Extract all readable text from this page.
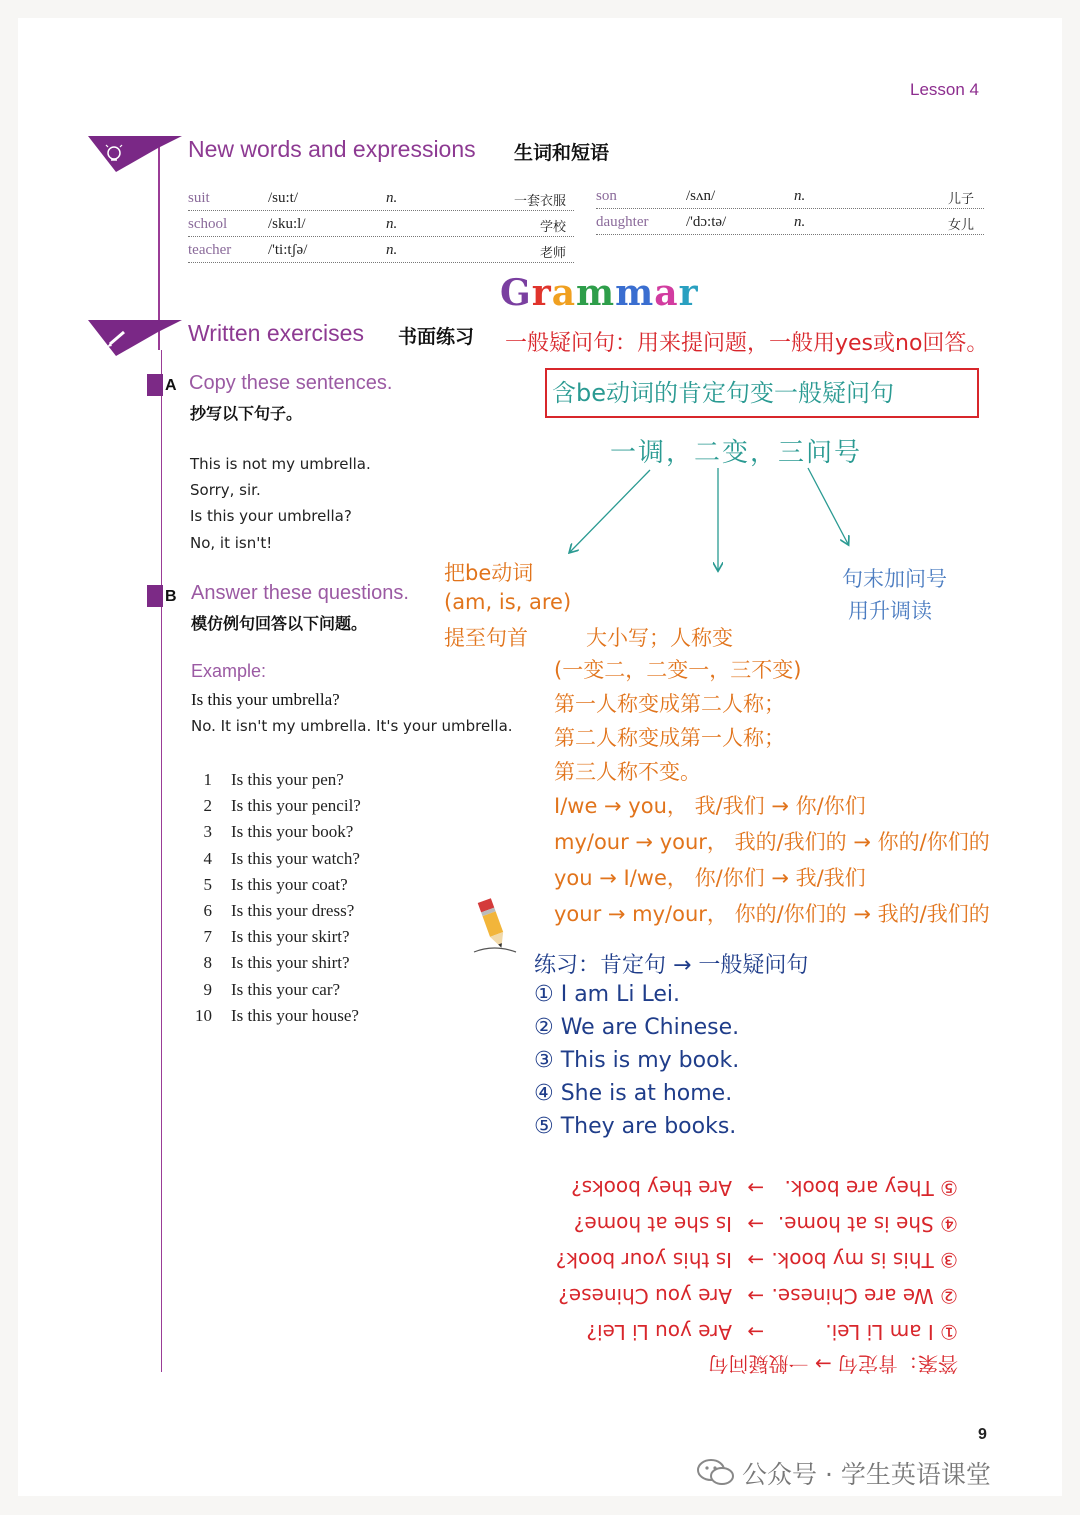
Lesson 4
New words and expressions 生词和短语
suit	/su:t/	n.	一套衣服
school	/sku:l/	n.	学校
teacher /'ti:tʃə/	n.	老师
son	/sʌn/	n.	儿子
daughter	/'dɔ:tə/	n.	女儿
Grammar
Written exercises 书面练习
A Copy these sentences.
抄写以下句子。
This is not my umbrella.
Sorry, sir.
Is this your umbrella?
No, it isn't!
B Answer these questions.
模仿例句回答以下问题。
Example:
Is this your umbrella?
No. It isn't my umbrella. It's your umbrella.
1 Is this your pen?
2 Is this your pencil?
3 Is this your book?
4 Is this your watch?
5 Is this your coat?
6 Is this your dress?
7 Is this your skirt?
8 Is this your shirt?
9 Is this your car?
10 Is this your house?
一般疑问句：用来提问题，一般用yes或no回答。
含be动词的肯定句变一般疑问句
一调，二变，三问号
把be动词
(am, is, are)
提至句首
句末加问号
用升调读
大小写；人称变
(一变二，二变一，三不变)
第一人称变成第二人称；
第二人称变成第一人称；
第三人称不变。
I/we → you， 我/我们 → 你/你们
my/our → your， 我的/我们的 → 你的/你们的
you → I/we， 你/你们 → 我/我们
your → my/our， 你的/你们的 → 我的/我们的
练习：肯定句 → 一般疑问句
① I am Li Lei.
② We are Chinese.
③ This is my book.
④ She is at home.
⑤ They are books.
答案：肯定句 → 一般疑问句
① I am Li Lei.
→
Are you Li Lei?
② We are Chinese.
→
Are you Chinese?
③ This is my book.
→
Is this your book?
④ She is at home.
→
Is she at home?
⑤ They are book.
→
Are they books?
9
公众号 · 学生英语课堂
